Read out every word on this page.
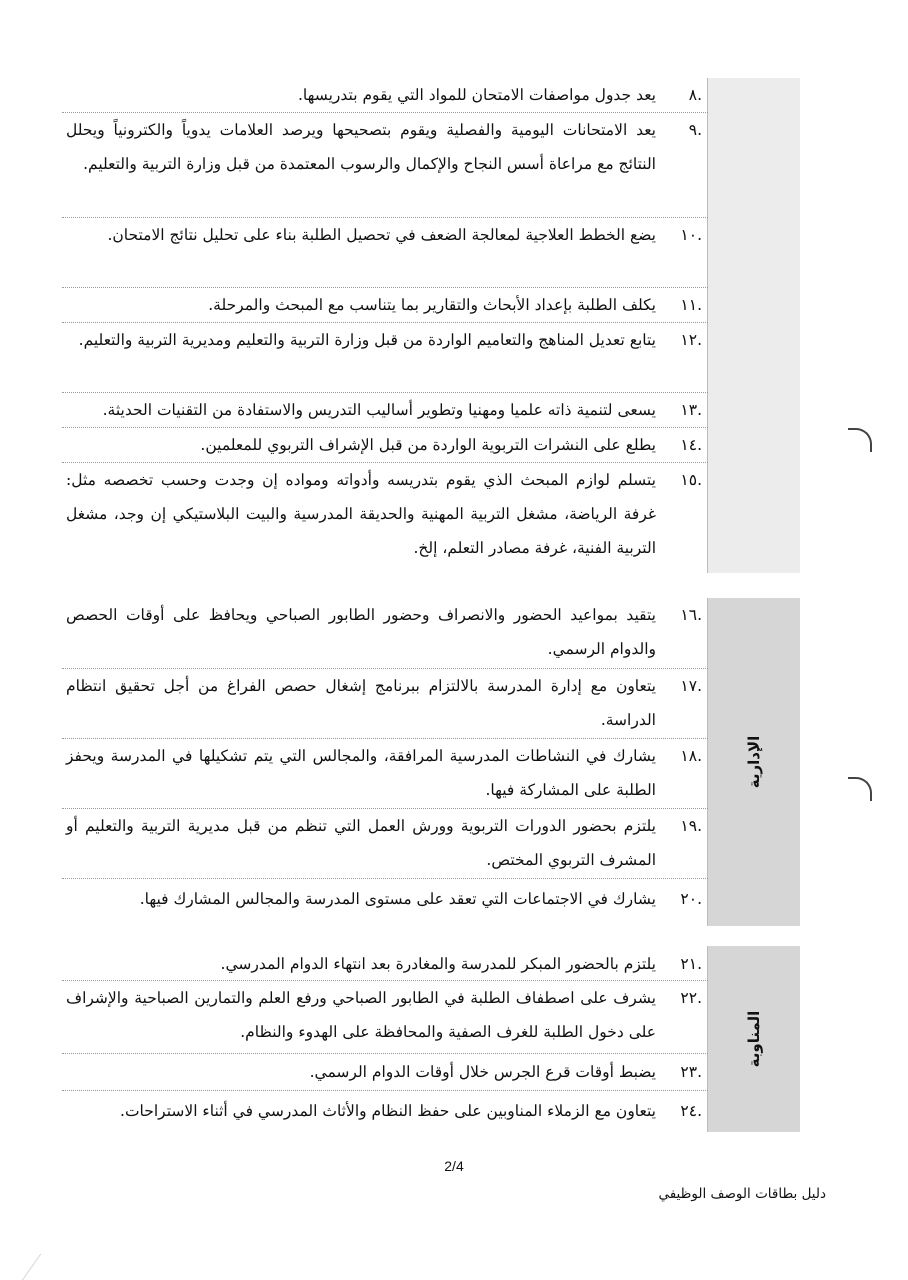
.٨
يعد جدول مواصفات الامتحان للمواد التي يقوم بتدريسها.
.٩
يعد الامتحانات اليومية والفصلية ويقوم بتصحيحها ويرصد العلامات يدوياً والكترونياً ويحلل النتائج مع مراعاة أسس النجاح والإكمال والرسوب المعتمدة من قبل وزارة التربية والتعليم.
.١٠
يضع الخطط العلاجية لمعالجة الضعف في تحصيل الطلبة بناء على تحليل نتائج الامتحان.
.١١
يكلف الطلبة بإعداد الأبحاث والتقارير بما يتناسب مع المبحث والمرحلة.
.١٢
يتابع تعديل المناهج والتعاميم الواردة من قبل وزارة التربية والتعليم ومديرية التربية والتعليم.
.١٣
يسعى لتنمية ذاته علميا ومهنيا وتطوير أساليب التدريس والاستفادة من التقنيات الحديثة.
.١٤
يطلع على النشرات التربوية الواردة من قبل الإشراف التربوي للمعلمين.
.١٥
يتسلم لوازم المبحث الذي يقوم بتدريسه وأدواته ومواده إن وجدت وحسب تخصصه مثل: غرفة الرياضة، مشغل التربية المهنية والحديقة المدرسية والبيت البلاستيكي إن وجد، مشغل التربية الفنية، غرفة مصادر التعلم، إلخ.
الإدارية
.١٦
يتقيد بمواعيد الحضور والانصراف وحضور الطابور الصباحي ويحافظ على أوقات الحصص والدوام الرسمي.
.١٧
يتعاون مع إدارة المدرسة بالالتزام ببرنامج إشغال حصص الفراغ من أجل تحقيق انتظام الدراسة.
.١٨
يشارك في النشاطات المدرسية المرافقة، والمجالس التي يتم تشكيلها في المدرسة ويحفز الطلبة على المشاركة فيها.
.١٩
يلتزم بحضور الدورات التربوية وورش العمل التي تنظم من قبل مديرية التربية والتعليم أو المشرف التربوي المختص.
.٢٠
يشارك في الاجتماعات التي تعقد على مستوى المدرسة والمجالس المشارك فيها.
المناوبة
.٢١
يلتزم بالحضور المبكر للمدرسة والمغادرة بعد انتهاء الدوام المدرسي.
.٢٢
يشرف على اصطفاف الطلبة في الطابور الصباحي ورفع العلم والتمارين الصباحية والإشراف على دخول الطلبة للغرف الصفية والمحافظة على الهدوء والنظام.
.٢٣
يضبط أوقات قرع الجرس خلال أوقات الدوام الرسمي.
.٢٤
يتعاون مع الزملاء المناوبين على حفظ النظام والأثاث المدرسي في أثناء الاستراحات.
2/4
دليل بطاقات الوصف الوظيفي
